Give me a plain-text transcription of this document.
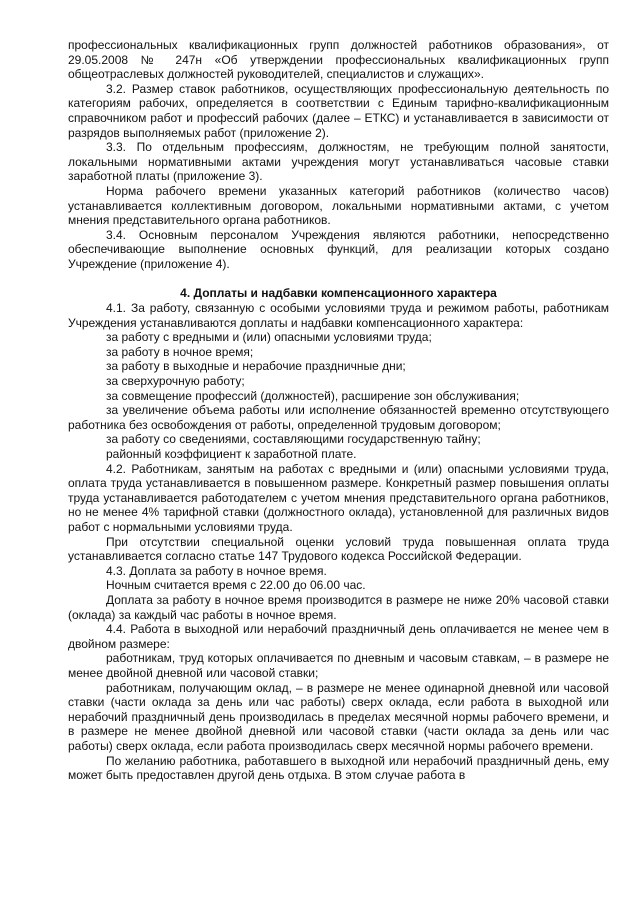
профессиональных квалификационных групп должностей работников образования», от 29.05.2008 № 247н «Об утверждении профессиональных квалификационных групп общеотраслевых должностей руководителей, специалистов и служащих».

3.2. Размер ставок работников, осуществляющих профессиональную деятельность по категориям рабочих, определяется в соответствии с Единым тарифно-квалификационным справочником работ и профессий рабочих (далее – ЕТКС) и устанавливается в зависимости от разрядов выполняемых работ (приложение 2).

3.3. По отдельным профессиям, должностям, не требующим полной занятости, локальными нормативными актами учреждения могут устанавливаться часовые ставки заработной платы (приложение 3).

Норма рабочего времени указанных категорий работников (количество часов) устанавливается коллективным договором, локальными нормативными актами, с учетом мнения представительного органа работников.

3.4. Основным персоналом Учреждения являются работники, непосредственно обеспечивающие выполнение основных функций, для реализации которых создано Учреждение (приложение 4).

4. Доплаты и надбавки компенсационного характера

4.1. За работу, связанную с особыми условиями труда и режимом работы, работникам Учреждения устанавливаются доплаты и надбавки компенсационного характера:

за работу с вредными и (или) опасными условиями труда;

за работу в ночное время;

за работу в выходные и нерабочие праздничные дни;

за сверхурочную работу;

за совмещение профессий (должностей), расширение зон обслуживания;

за увеличение объема работы или исполнение обязанностей временно отсутствующего работника без освобождения от работы, определенной трудовым договором;

за работу со сведениями, составляющими государственную тайну;

районный коэффициент к заработной плате.

4.2. Работникам, занятым на работах с вредными и (или) опасными условиями труда, оплата труда устанавливается в повышенном размере. Конкретный размер повышения оплаты труда устанавливается работодателем с учетом мнения представительного органа работников, но не менее 4% тарифной ставки (должностного оклада), установленной для различных видов работ с нормальными условиями труда.

При отсутствии специальной оценки условий труда повышенная оплата труда устанавливается согласно статье 147 Трудового кодекса Российской Федерации.

4.3. Доплата за работу в ночное время.

Ночным считается время с 22.00 до 06.00 час.

Доплата за работу в ночное время производится в размере не ниже 20% часовой ставки (оклада) за каждый час работы в ночное время.

4.4. Работа в выходной или нерабочий праздничный день оплачивается не менее чем в двойном размере:

работникам, труд которых оплачивается по дневным и часовым ставкам, – в размере не менее двойной дневной или часовой ставки;

работникам, получающим оклад, – в размере не менее одинарной дневной или часовой ставки (части оклада за день или час работы) сверх оклада, если работа в выходной или нерабочий праздничный день производилась в пределах месячной нормы рабочего времени, и в размере не менее двойной дневной или часовой ставки (части оклада за день или час работы) сверх оклада, если работа производилась сверх месячной нормы рабочего времени.

По желанию работника, работавшего в выходной или нерабочий праздничный день, ему может быть предоставлен другой день отдыха. В этом случае работа в
